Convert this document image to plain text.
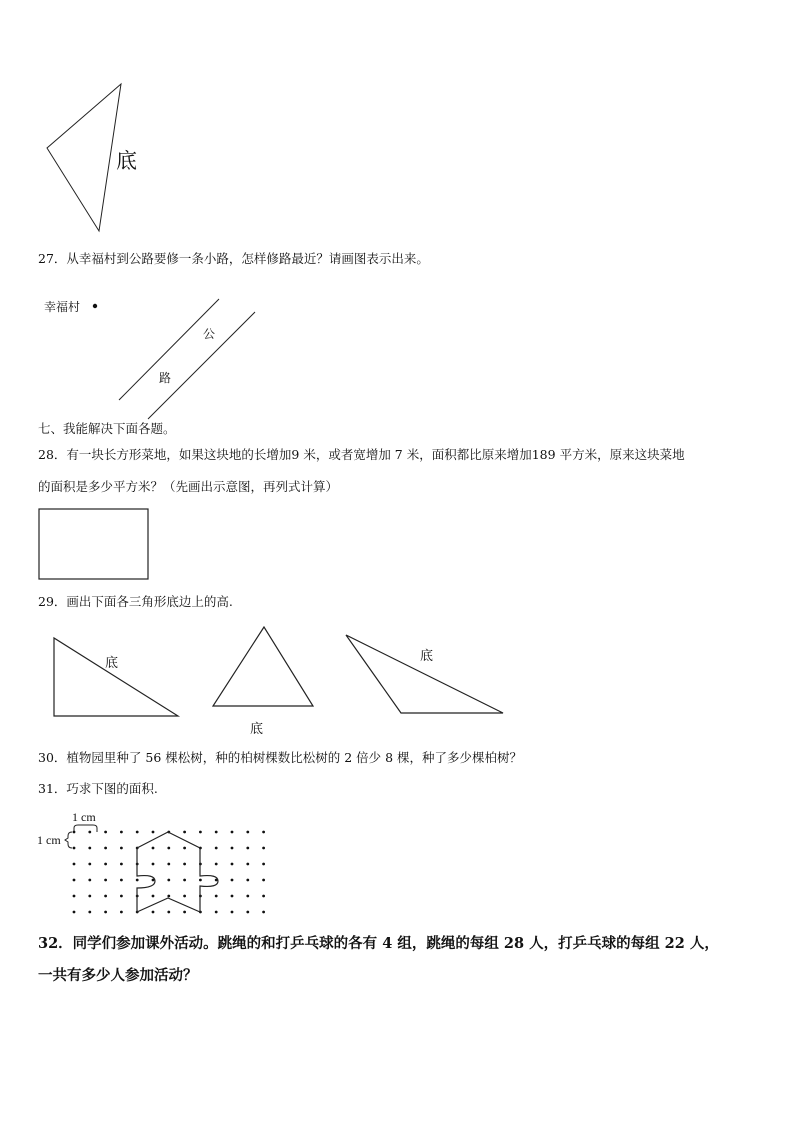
底
27．从幸福村到公路要修一条小路，怎样修路最近？请画图表示出来。
幸福村
公
路
七、我能解决下面各题。
28．有一块长方形菜地，如果这块地的长增加9 米，或者宽增加 7 米，面积都比原来增加189 平方米，原来这块菜地
的面积是多少平方米？（先画出示意图，再列式计算）
29．画出下面各三角形底边上的高.
底
底
底
30．植物园里种了 56 棵松树，种的柏树棵数比松树的 2 倍少 8 棵，种了多少棵柏树？
31．巧求下图的面积.
1 cm
1 cm
32．同学们参加课外活动。跳绳的和打乒乓球的各有 4 组，跳绳的每组 28 人，打乒乓球的每组 22 人，
一共有多少人参加活动？
